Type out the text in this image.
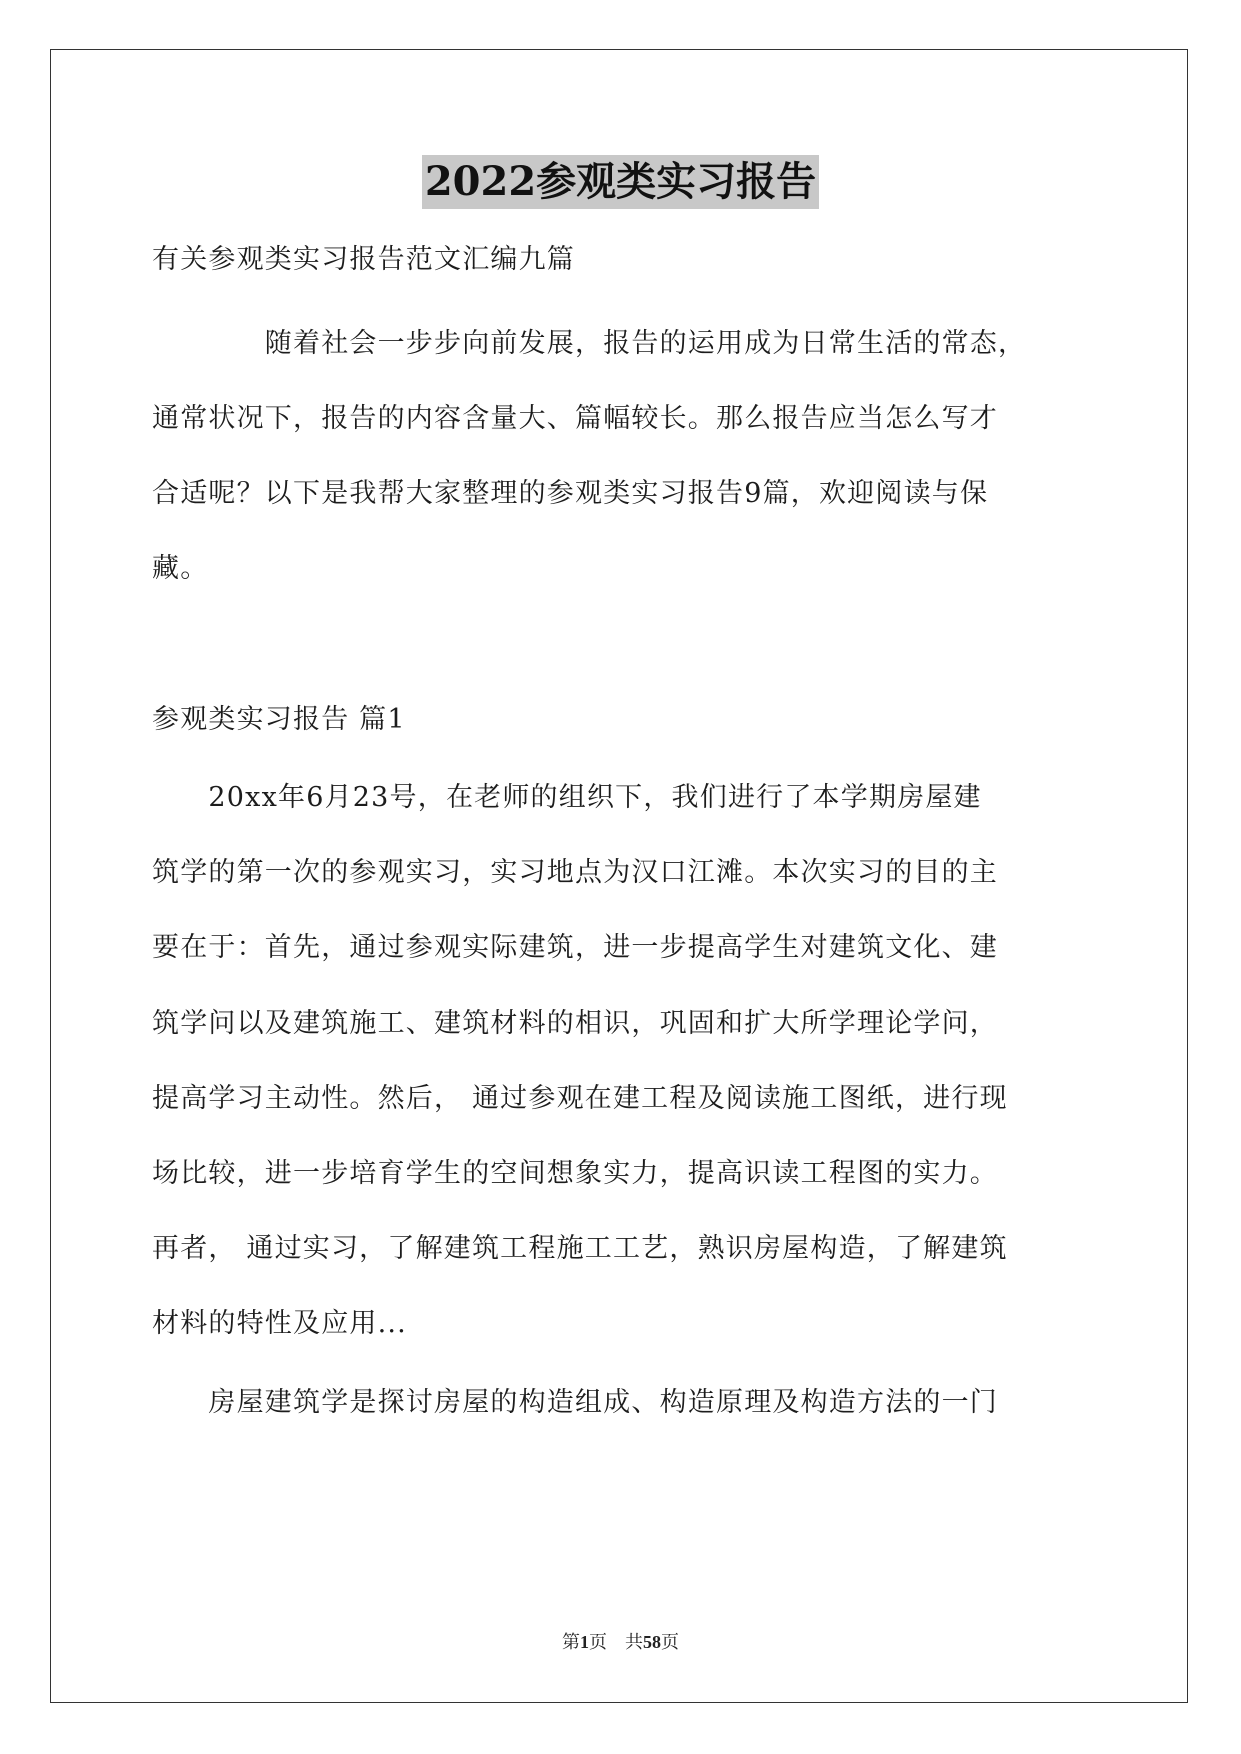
2022参观类实习报告
有关参观类实习报告范文汇编九篇
　　　　随着社会一步步向前发展，报告的运用成为日常生活的常态，
通常状况下，报告的内容含量大、篇幅较长。那么报告应当怎么写才
合适呢？以下是我帮大家整理的参观类实习报告9篇，欢迎阅读与保
藏。
参观类实习报告 篇1
　　20xx年6月23号，在老师的组织下，我们进行了本学期房屋建
筑学的第一次的参观实习，实习地点为汉口江滩。本次实习的目的主
要在于：首先，通过参观实际建筑，进一步提高学生对建筑文化、建
筑学问以及建筑施工、建筑材料的相识，巩固和扩大所学理论学问，
提高学习主动性。然后， 通过参观在建工程及阅读施工图纸，进行现
场比较，进一步培育学生的空间想象实力，提高识读工程图的实力。
再者， 通过实习，了解建筑工程施工工艺，熟识房屋构造，了解建筑
材料的特性及应用...
　　房屋建筑学是探讨房屋的构造组成、构造原理及构造方法的一门
第1页　共58页
